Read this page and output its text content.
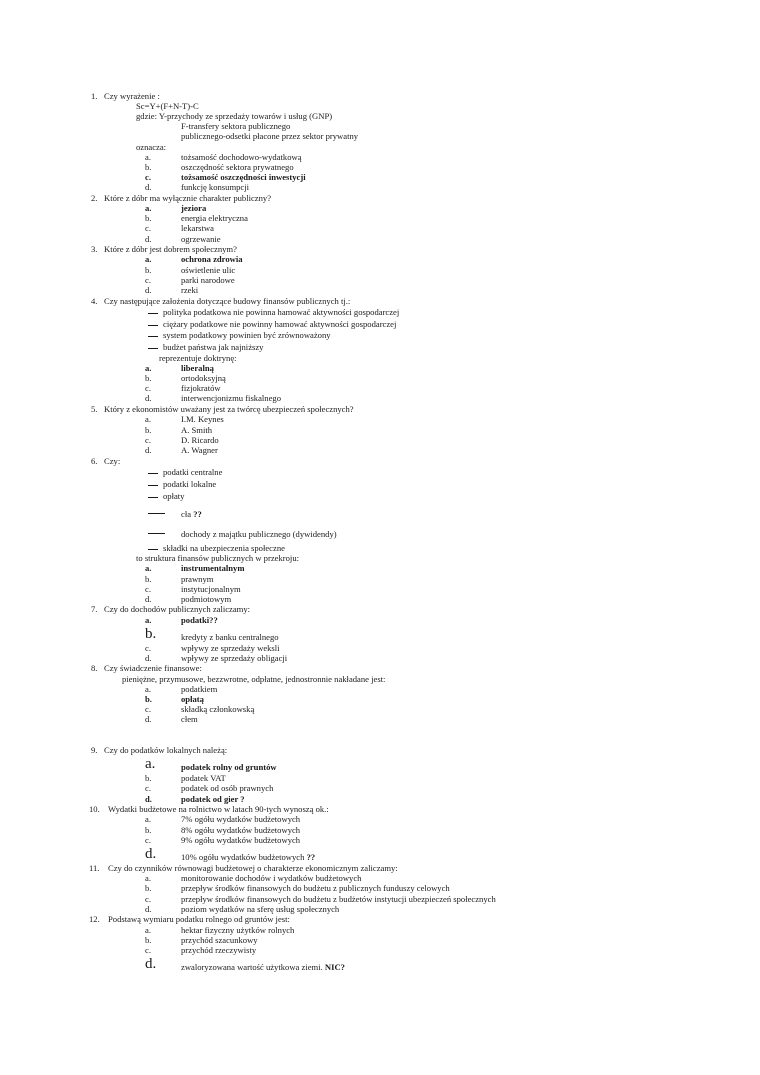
1. Czy wyrażenie :
Sc=Y+(F+N-T)-C
gdzie: Y-przychody ze sprzedaży towarów i usług (GNP)
F-transfery sektora publicznego
publicznego-odsetki płacone przez sektor prywatny
oznacza:
a.	tożsamość dochodowo-wydatkową
b.	oszczędność sektora prywatnego
c.	tożsamość oszczędności inwestycji
d.	funkcję konsumpcji
2. Które z dóbr ma wyłącznie charakter publiczny?
a.	jeziora
b.	energia elektryczna
c.	lekarstwa
d.	ogrzewanie
3. Które z dóbr jest dobrem społecznym?
a.	ochrona zdrowia
b.	oświetlenie ulic
c.	parki narodowe
d.	rzeki
4. Czy następujące założenia dotyczące budowy finansów publicznych tj.:
polityka podatkowa nie powinna hamować aktywności gospodarczej
ciężary podatkowe nie powinny hamować aktywności gospodarczej
system podatkowy powinien być zrównoważony
budżet państwa jak najniższy
reprezentuje doktrynę:
a.	liberalną
b.	ortodoksyjną
c.	fizjokratów
d.	interwencjonizmu fiskalnego
5. Który z ekonomistów uważany jest za twórcę ubezpieczeń społecznych?
a.	I.M. Keynes
b.	A. Smith
c.	D. Ricardo
d.	A. Wagner
6. Czy:
podatki centralne
podatki lokalne
opłaty
cła ??
dochody z majątku publicznego (dywidendy)
składki na ubezpieczenia społeczne
to struktura finansów publicznych w przekroju:
a.	instrumentalnym
b.	prawnym
c.	instytucjonalnym
d.	podmiotowym
7. Czy do dochodów publicznych zaliczamy:
a.	podatki??
b.	kredyty z banku centralnego
c.	wpływy ze sprzedaży weksli
d.	wpływy ze sprzedaży obligacji
8. Czy świadczenie finansowe:
pieniężne, przymusowe, bezzwrotne, odpłatne, jednostronnie nakładane jest:
a.	podatkiem
b.	opłatą
c.	składką członkowską
d.	cłem
9. Czy do podatków lokalnych należą:
a.	podatek rolny od gruntów
b.	podatek VAT
c.	podatek od osób prawnych
d.	podatek od gier ?
10. Wydatki budżetowe na rolnictwo w latach 90-tych wynoszą ok.:
a.	7% ogółu wydatków budżetowych
b.	8% ogółu wydatków budżetowych
c.	9% ogółu wydatków budżetowych
d.	10% ogółu wydatków budżetowych ??
11. Czy do czynników równowagi budżetowej o charakterze ekonomicznym zaliczamy:
a.	monitorowanie dochodów i wydatków budżetowych
b.	przepływ środków finansowych do budżetu z publicznych funduszy celowych
c.	przepływ środków finansowych do budżetu z budżetów instytucji ubezpieczeń społecznych
d.	poziom wydatków na sferę usług społecznych
12. Podstawą wymiaru podatku rolnego od gruntów jest:
a.	hektar fizyczny użytków rolnych
b.	przychód szacunkowy
c.	przychód rzeczywisty
d.	zwaloryzowana wartość użytkowa ziemi. NIC?
